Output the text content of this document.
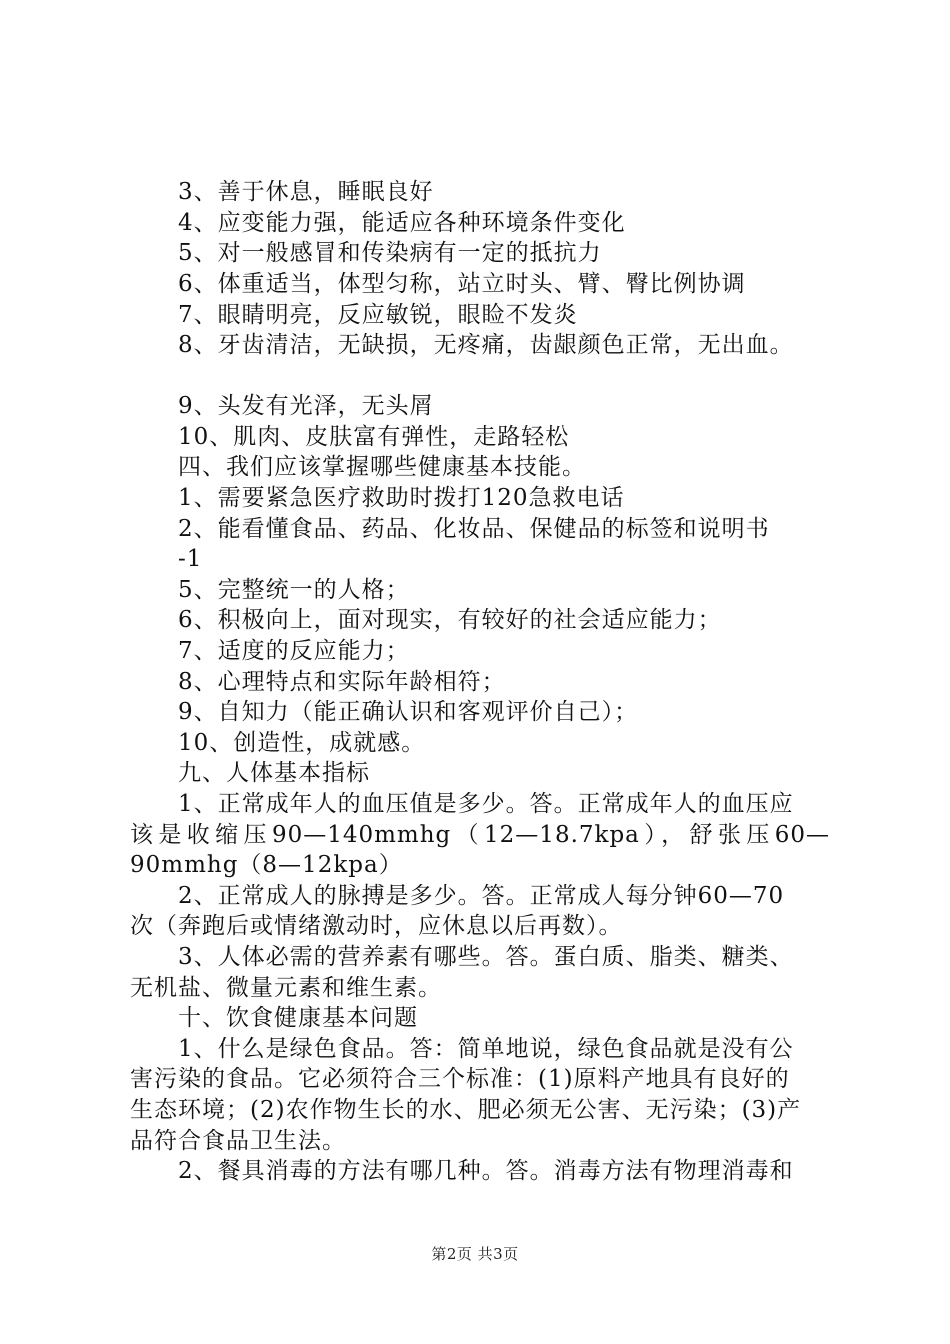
3、善于休息，睡眠良好
4、应变能力强，能适应各种环境条件变化
5、对一般感冒和传染病有一定的抵抗力
6、体重适当，体型匀称，站立时头、臂、臀比例协调
7、眼睛明亮，反应敏锐，眼睑不发炎
8、牙齿清洁，无缺损，无疼痛，齿龈颜色正常，无出血。
9、头发有光泽，无头屑
10、肌肉、皮肤富有弹性，走路轻松
四、我们应该掌握哪些健康基本技能。
1、需要紧急医疗救助时拨打120急救电话
2、能看懂食品、药品、化妆品、保健品的标签和说明书
-1
5、完整统一的人格；
6、积极向上，面对现实，有较好的社会适应能力；
7、适度的反应能力；
8、心理特点和实际年龄相符；
9、自知力（能正确认识和客观评价自己）；
10、创造性，成就感。
九、人体基本指标
1、正常成年人的血压值是多少。答。正常成年人的血压应
该是收缩压90—140mmhg（12—18.7kpa），舒张压60—
90mmhg（8—12kpa）
2、正常成人的脉搏是多少。答。正常成人每分钟60—70
次（奔跑后或情绪激动时，应休息以后再数）。
3、人体必需的营养素有哪些。答。蛋白质、脂类、糖类、
无机盐、微量元素和维生素。
十、饮食健康基本问题
1、什么是绿色食品。答：简单地说，绿色食品就是没有公
害污染的食品。它必须符合三个标准：(1)原料产地具有良好的
生态环境；(2)农作物生长的水、肥必须无公害、无污染；(3)产
品符合食品卫生法。
2、餐具消毒的方法有哪几种。答。消毒方法有物理消毒和
第2页 共3页
